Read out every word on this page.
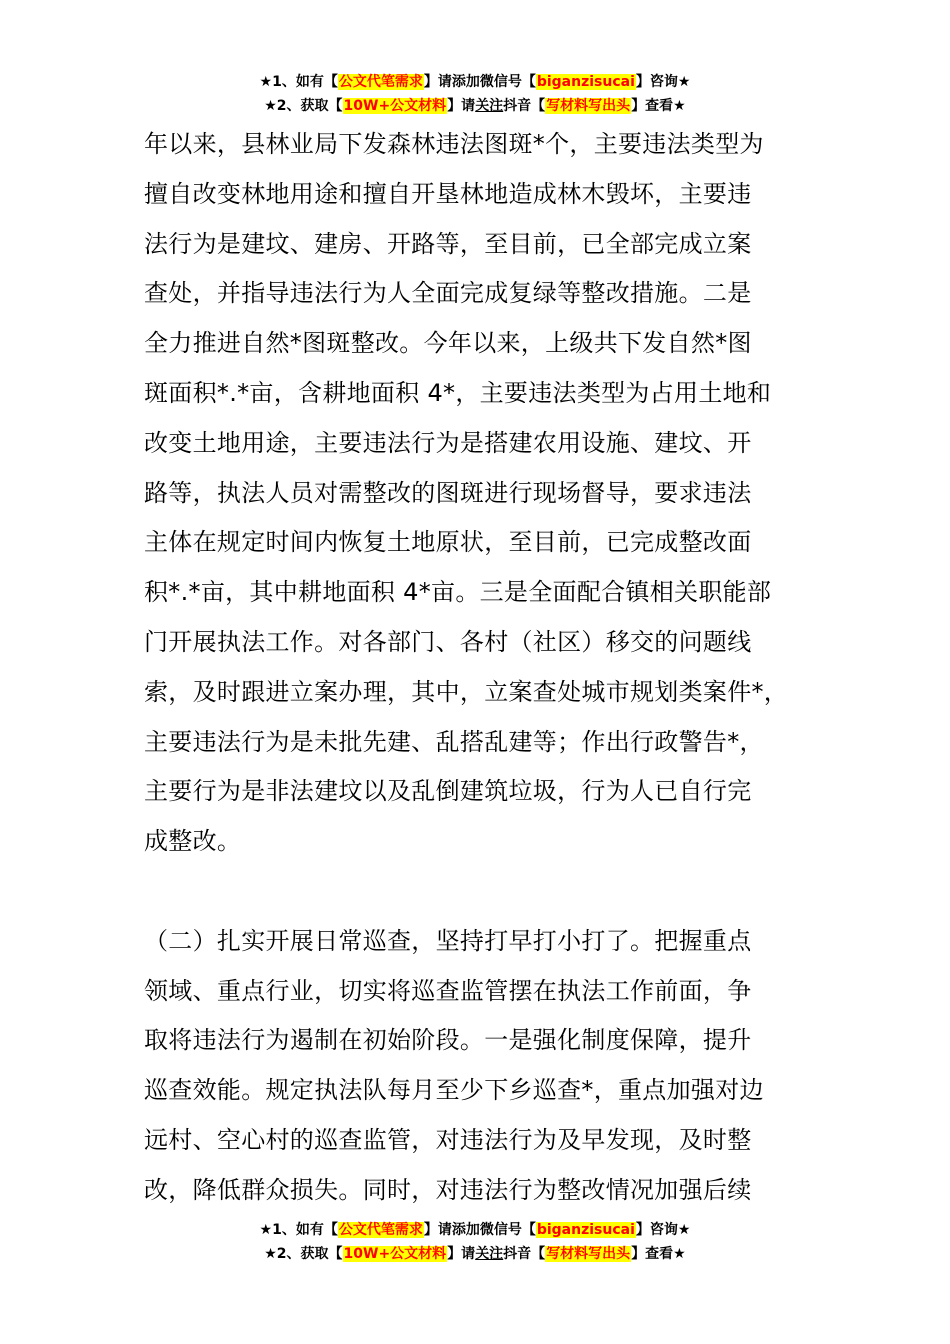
★1、如有【公文代笔需求】请添加微信号【biganzisucai】咨询★
★2、获取【10W+公文材料】请关注抖音【写材料写出头】查看★
年以来，县林业局下发森林违法图斑*个，主要违法类型为
擅自改变林地用途和擅自开垦林地造成林木毁坏，主要违
法行为是建坟、建房、开路等，至目前，已全部完成立案
查处，并指导违法行为人全面完成复绿等整改措施。二是
全力推进自然*图斑整改。今年以来，上级共下发自然*图
斑面积*.*亩，含耕地面积 4*，主要违法类型为占用土地和
改变土地用途，主要违法行为是搭建农用设施、建坟、开
路等，执法人员对需整改的图斑进行现场督导，要求违法
主体在规定时间内恢复土地原状，至目前，已完成整改面
积*.*亩，其中耕地面积 4*亩。三是全面配合镇相关职能部
门开展执法工作。对各部门、各村（社区）移交的问题线
索，及时跟进立案办理，其中，立案查处城市规划类案件*，
主要违法行为是未批先建、乱搭乱建等；作出行政警告*，
主要行为是非法建坟以及乱倒建筑垃圾，行为人已自行完
成整改。
（二）扎实开展日常巡查，坚持打早打小打了。把握重点
领域、重点行业，切实将巡查监管摆在执法工作前面，争
取将违法行为遏制在初始阶段。一是强化制度保障，提升
巡查效能。规定执法队每月至少下乡巡查*，重点加强对边
远村、空心村的巡查监管，对违法行为及早发现，及时整
改，降低群众损失。同时，对违法行为整改情况加强后续
★1、如有【公文代笔需求】请添加微信号【biganzisucai】咨询★
★2、获取【10W+公文材料】请关注抖音【写材料写出头】查看★
